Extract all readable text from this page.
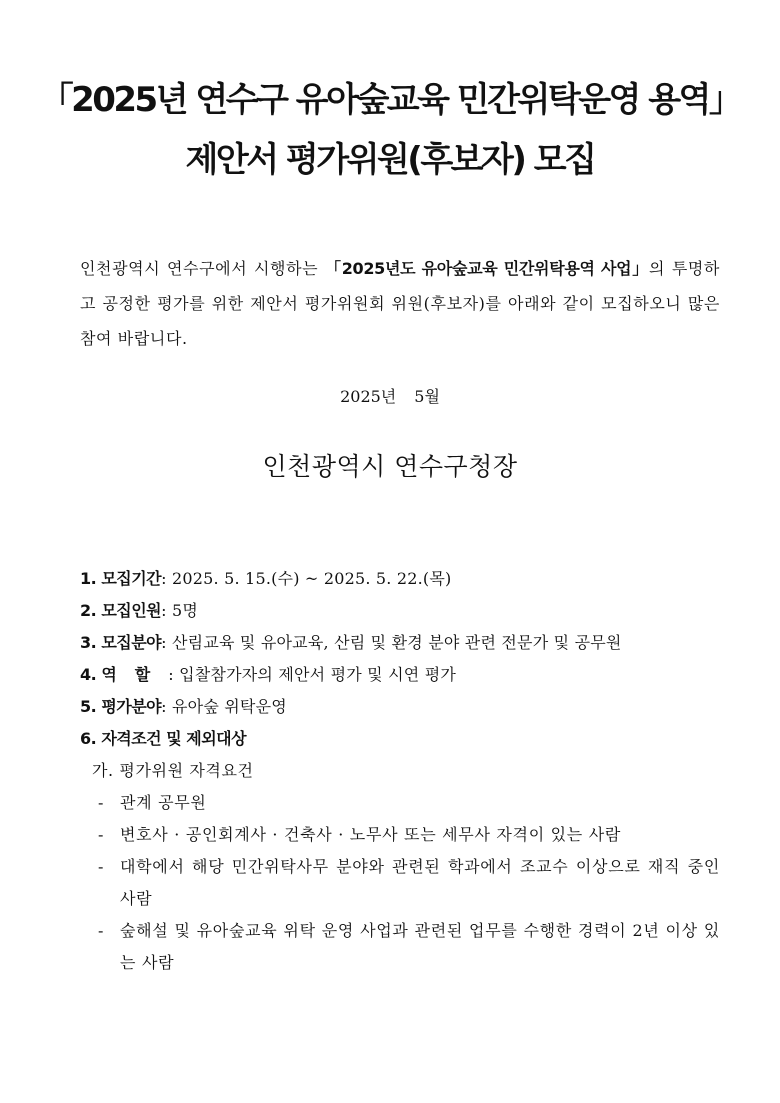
「2025년 연수구 유아숲교육 민간위탁운영 용역」
제안서 평가위원(후보자) 모집

인천광역시 연수구에서 시행하는 「2025년도 유아숲교육 민간위탁용역 사업」의 투명하고 공정한 평가를 위한 제안서 평가위원회 위원(후보자)를 아래와 같이 모집하오니 많은 참여 바랍니다.

2025년 5월
인천광역시 연수구청장
1. 모집기간: 2025. 5. 15.(수) ~ 2025. 5. 22.(목)
2. 모집인원: 5명
3. 모집분야: 산림교육 및 유아교육, 산림 및 환경 분야 관련 전문가 및 공무원
4. 역할: 입찰참가자의 제안서 평가 및 시연 평가
5. 평가분야: 유아숲 위탁운영
6. 자격조건 및 제외대상
가. 평가위원 자격요건
- 관계 공무원
- 변호사 · 공인회계사 · 건축사 · 노무사 또는 세무사 자격이 있는 사람
- 대학에서 해당 민간위탁사무 분야와 관련된 학과에서 조교수 이상으로 재직 중인 사람
- 숲해설 및 유아숲교육 위탁 운영 사업과 관련된 업무를 수행한 경력이 2년 이상 있는 사람
